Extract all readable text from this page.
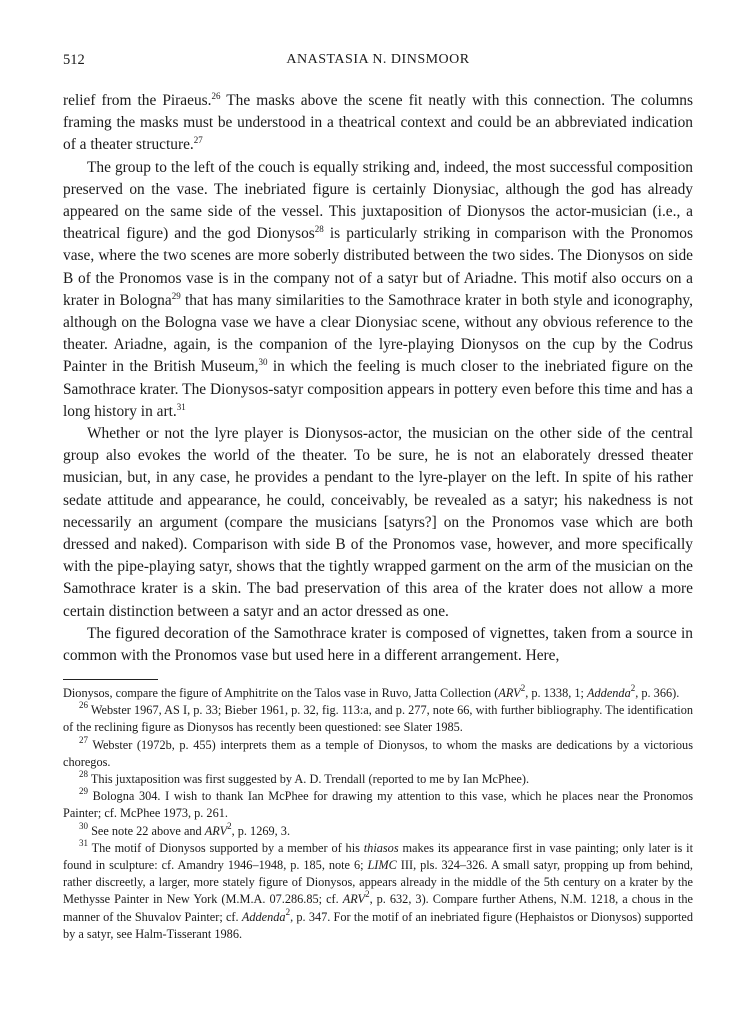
512	ANASTASIA N. DINSMOOR

relief from the Piraeus.$^{26}$ The masks above the scene fit neatly with this connection. The columns framing the masks must be understood in a theatrical context and could be an abbreviated indication of a theater structure.$^{27}$

The group to the left of the couch is equally striking and, indeed, the most successful composition preserved on the vase. The inebriated figure is certainly Dionysiac, although the god has already appeared on the same side of the vessel. This juxtaposition of Dionysos the actor-musician (i.e., a theatrical figure) and the god Dionysos$^{28}$ is particularly striking in comparison with the Pronomos vase, where the two scenes are more soberly distributed between the two sides. The Dionysos on side B of the Pronomos vase is in the company not of a satyr but of Ariadne. This motif also occurs on a krater in Bologna$^{29}$ that has many similarities to the Samothrace krater in both style and iconography, although on the Bologna vase we have a clear Dionysiac scene, without any obvious reference to the theater. Ariadne, again, is the companion of the lyre-playing Dionysos on the cup by the Codrus Painter in the British Museum,$^{30}$ in which the feeling is much closer to the inebriated figure on the Samothrace krater. The Dionysos-satyr composition appears in pottery even before this time and has a long history in art.$^{31}$

Whether or not the lyre player is Dionysos-actor, the musician on the other side of the central group also evokes the world of the theater. To be sure, he is not an elaborately dressed theater musician, but, in any case, he provides a pendant to the lyre-player on the left. In spite of his rather sedate attitude and appearance, he could, conceivably, be revealed as a satyr; his nakedness is not necessarily an argument (compare the musicians [satyrs?] on the Pronomos vase which are both dressed and naked). Comparison with side B of the Pronomos vase, however, and more specifically with the pipe-playing satyr, shows that the tightly wrapped garment on the arm of the musician on the Samothrace krater is a skin. The bad preservation of this area of the krater does not allow a more certain distinction between a satyr and an actor dressed as one.

The figured decoration of the Samothrace krater is composed of vignettes, taken from a source in common with the Pronomos vase but used here in a different arrangement. Here,

Dionysos, compare the figure of Amphitrite on the Talos vase in Ruvo, Jatta Collection (ARV$^2$, p. 1338, 1; Addenda$^2$, p. 366).

$^{26}$ Webster 1967, AS I, p. 33; Bieber 1961, p. 32, fig. 113:a, and p. 277, note 66, with further bibliography. The identification of the reclining figure as Dionysos has recently been questioned: see Slater 1985.

$^{27}$ Webster (1972b, p. 455) interprets them as a temple of Dionysos, to whom the masks are dedications by a victorious choregos.

$^{28}$ This juxtaposition was first suggested by A. D. Trendall (reported to me by Ian McPhee).

$^{29}$ Bologna 304. I wish to thank Ian McPhee for drawing my attention to this vase, which he places near the Pronomos Painter; cf. McPhee 1973, p. 261.

$^{30}$ See note 22 above and ARV$^2$, p. 1269, 3.

$^{31}$ The motif of Dionysos supported by a member of his thiasos makes its appearance first in vase painting; only later is it found in sculpture: cf. Amandry 1946–1948, p. 185, note 6; LIMC III, pls. 324–326. A small satyr, propping up from behind, rather discreetly, a larger, more stately figure of Dionysos, appears already in the middle of the 5th century on a krater by the Methysse Painter in New York (M.M.A. 07.286.85; cf. ARV$^2$, p. 632, 3). Compare further Athens, N.M. 1218, a chous in the manner of the Shuvalov Painter; cf. Addenda$^2$, p. 347. For the motif of an inebriated figure (Hephaistos or Dionysos) supported by a satyr, see Halm-Tisserant 1986.
